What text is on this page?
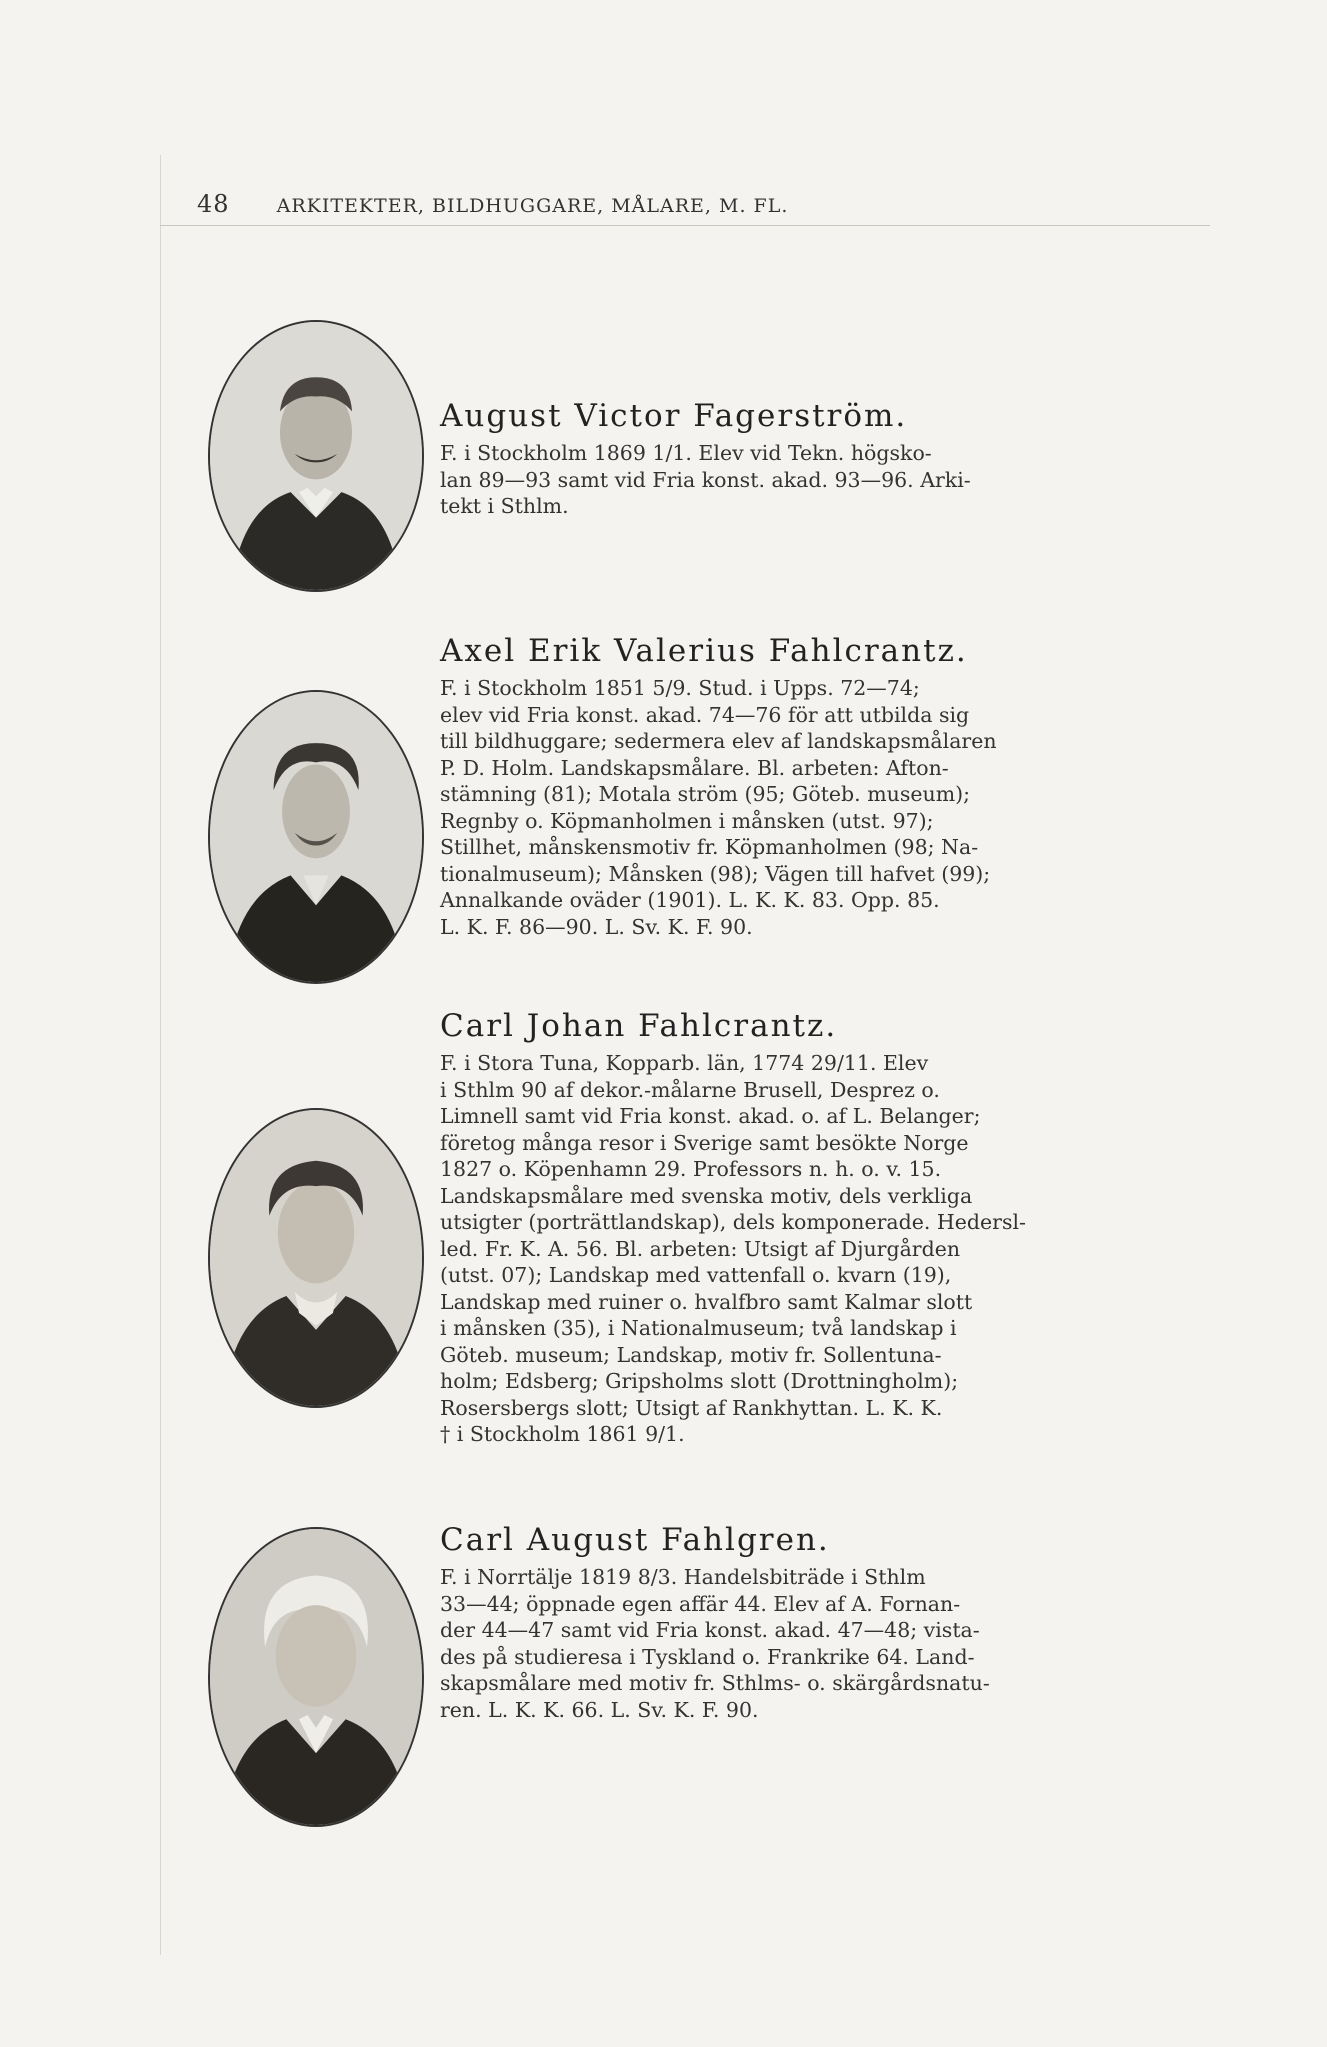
48 ARKITEKTER, BILDHUGGARE, MÅLARE, M. FL.
August Victor Fagerström.

F. i Stockholm 1869 1/1. Elev vid Tekn. högsko-
lan 89—93 samt vid Fria konst. akad. 93—96. Arki-
tekt i Sthlm.

Axel Erik Valerius Fahlcrantz.

F. i Stockholm 1851 5/9. Stud. i Upps. 72—74;
elev vid Fria konst. akad. 74—76 för att utbilda sig
till bildhuggare; sedermera elev af landskapsmålaren
P. D. Holm. Landskapsmålare. Bl. arbeten: Afton-
stämning (81); Motala ström (95; Göteb. museum);
Regnby o. Köpmanholmen i månsken (utst. 97);
Stillhet, månskensmotiv fr. Köpmanholmen (98; Na-
tionalmuseum); Månsken (98); Vägen till hafvet (99);
Annalkande oväder (1901). L. K. K. 83. Opp. 85.
L. K. F. 86—90. L. Sv. K. F. 90.

Carl Johan Fahlcrantz.

F. i Stora Tuna, Kopparb. län, 1774 29/11. Elev
i Sthlm 90 af dekor.-målarne Brusell, Desprez o.
Limnell samt vid Fria konst. akad. o. af L. Belanger;
företog många resor i Sverige samt besökte Norge
1827 o. Köpenhamn 29. Professors n. h. o. v. 15.
Landskapsmålare med svenska motiv, dels verkliga
utsigter (porträttlandskap), dels komponerade. Hedersl-
led. Fr. K. A. 56. Bl. arbeten: Utsigt af Djurgården
(utst. 07); Landskap med vattenfall o. kvarn (19),
Landskap med ruiner o. hvalfbro samt Kalmar slott
i månsken (35), i Nationalmuseum; två landskap i
Göteb. museum; Landskap, motiv fr. Sollentuna-
holm; Edsberg; Gripsholms slott (Drottningholm);
Rosersbergs slott; Utsigt af Rankhyttan. L. K. K.
† i Stockholm 1861 9/1.

Carl August Fahlgren.

F. i Norrtälje 1819 8/3. Handelsbiträde i Sthlm
33—44; öppnade egen affär 44. Elev af A. Fornan-
der 44—47 samt vid Fria konst. akad. 47—48; vista-
des på studieresa i Tyskland o. Frankrike 64. Land-
skapsmålare med motiv fr. Sthlms- o. skärgårdsnatu-
ren. L. K. K. 66. L. Sv. K. F. 90.
